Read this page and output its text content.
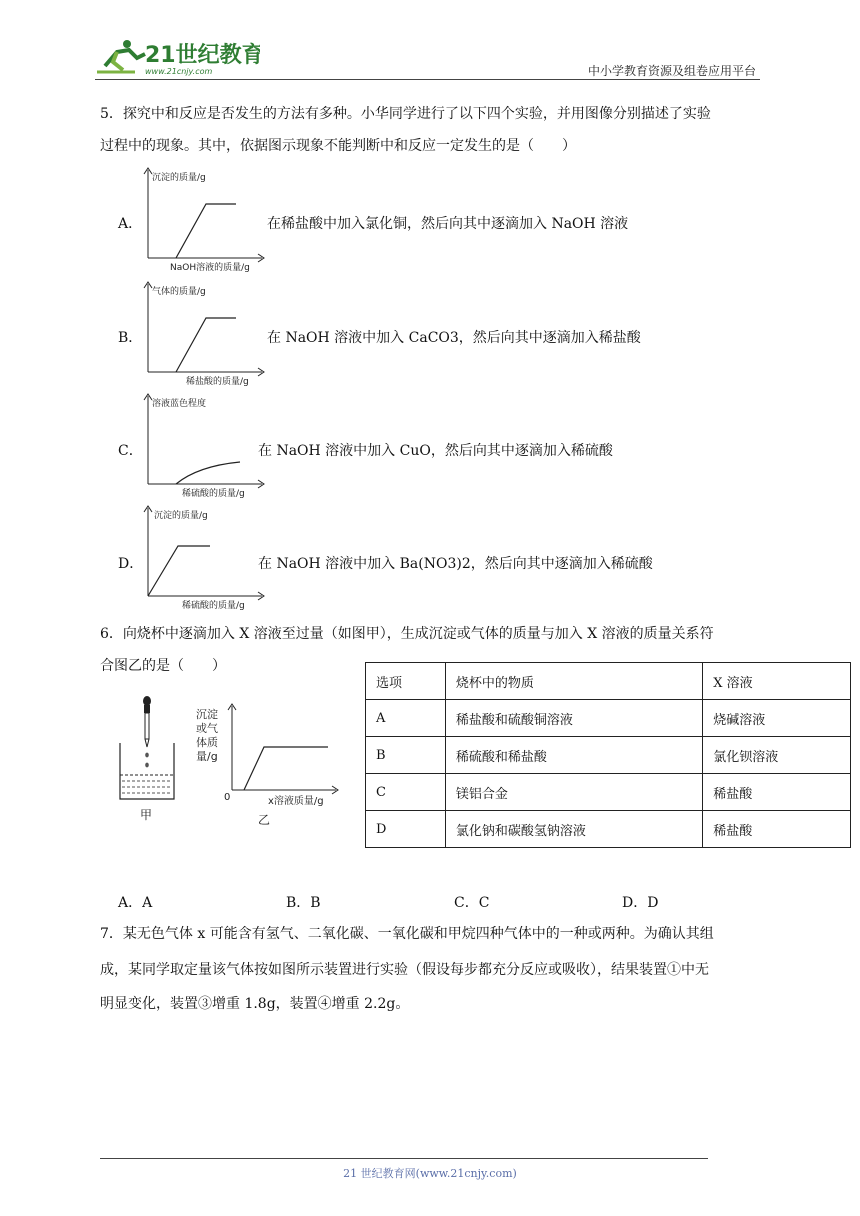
21世纪教育
www.21cnjy.com	中小学教育资源及组卷应用平台
5．探究中和反应是否发生的方法有多种。小华同学进行了以下四个实验，并用图像分别描述了实验
过程中的现象。其中，依据图示现象不能判断中和反应一定发生的是（　　）
A．
沉淀的质量/g
NaOH溶液的质量/g
在稀盐酸中加入氯化铜，然后向其中逐滴加入 NaOH 溶液
B．
气体的质量/g
稀盐酸的质量/g
在 NaOH 溶液中加入 CaCO3，然后向其中逐滴加入稀盐酸
C．
溶液蓝色程度
稀硫酸的质量/g
在 NaOH 溶液中加入 CuO，然后向其中逐滴加入稀硫酸
D．
沉淀的质量/g
稀硫酸的质量/g
在 NaOH 溶液中加入 Ba(NO3)2，然后向其中逐滴加入稀硫酸
6．向烧杯中逐滴加入 X 溶液至过量（如图甲），生成沉淀或气体的质量与加入 X 溶液的质量关系符
合图乙的是（　　）
甲
沉淀
或气
体质
量/g
0	x溶液质量/g
乙
选项	烧杯中的物质	X 溶液
A	稀盐酸和硫酸铜溶液	烧碱溶液
B	稀硫酸和稀盐酸	氯化钡溶液
C	镁铝合金	稀盐酸
D	氯化钠和碳酸氢钠溶液	稀盐酸
A．A	B．B	C．C	D．D
7．某无色气体 x 可能含有氢气、二氧化碳、一氧化碳和甲烷四种气体中的一种或两种。为确认其组
成，某同学取定量该气体按如图所示装置进行实验（假设每步都充分反应或吸收），结果装置①中无
明显变化，装置③增重 1.8g，装置④增重 2.2g。
21 世纪教育网(www.21cnjy.com)
